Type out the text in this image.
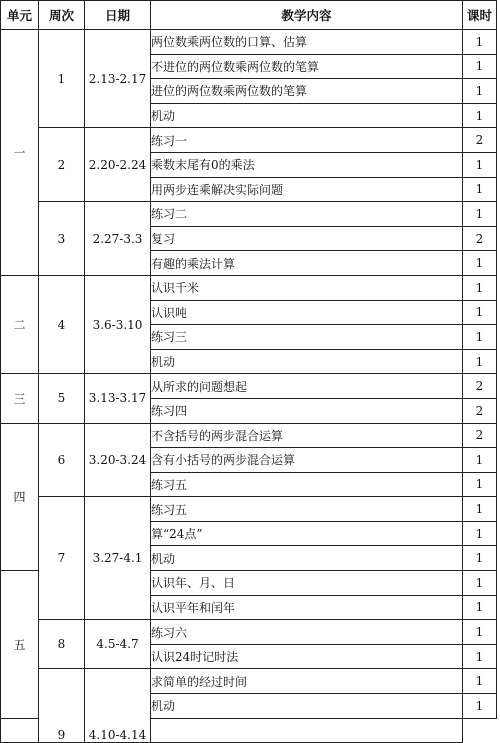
单元	周次	日期	教学内容	课时
一	1	2.13-2.17	两位数乘两位数的口算、估算	1
			不进位的两位数乘两位数的笔算	1
			进位的两位数乘两位数的笔算	1
			机动	1
	2	2.20-2.24	练习一	2
			乘数末尾有0的乘法	1
			用两步连乘解决实际问题	1
	3	2.27-3.3	练习二	1
			复习	2
			有趣的乘法计算	1
二	4	3.6-3.10	认识千米	1
			认识吨	1
			练习三	1
			机动	1
三	5	3.13-3.17	从所求的问题想起	2
			练习四	2
四	6	3.20-3.24	不含括号的两步混合运算	2
			含有小括号的两步混合运算	1
			练习五	1
	7	3.27-4.1	练习五	1
			算“24点”	1
			机动	1
五			认识年、月、日	1
			认识平年和闰年	1
	8	4.5-4.7	练习六	1
			认识24时记时法	1
	9	4.10-4.14	求简单的经过时间	1
			机动	1
